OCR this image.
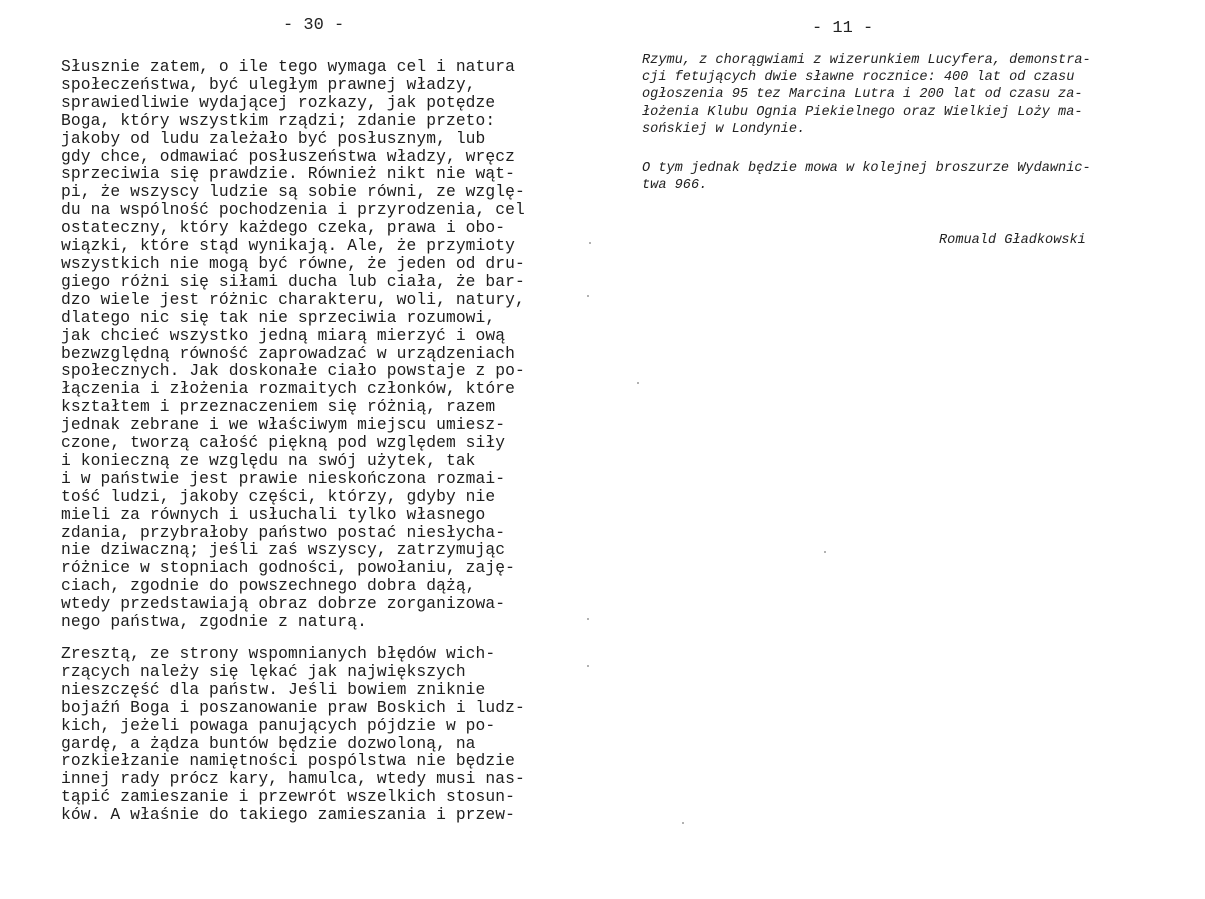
- 30 -
Słusznie zatem, o ile tego wymaga cel i natura
społeczeństwa, być uległym prawnej władzy,
sprawiedliwie wydającej rozkazy, jak potędze
Boga, który wszystkim rządzi; zdanie przeto:
jakoby od ludu zależało być posłusznym, lub
gdy chce, odmawiać posłuszeństwa władzy, wręcz
sprzeciwia się prawdzie. Również nikt nie wąt-
pi, że wszyscy ludzie są sobie równi, ze wzglę-
du na wspólność pochodzenia i przyrodzenia, cel
ostateczny, który każdego czeka, prawa i obo-
wiązki, które stąd wynikają. Ale, że przymioty
wszystkich nie mogą być równe, że jeden od dru-
giego różni się siłami ducha lub ciała, że bar-
dzo wiele jest różnic charakteru, woli, natury,
dlatego nic się tak nie sprzeciwia rozumowi,
jak chcieć wszystko jedną miarą mierzyć i ową
bezwzględną równość zaprowadzać w urządzeniach
społecznych. Jak doskonałe ciało powstaje z po-
łączenia i złożenia rozmaitych członków, które
kształtem i przeznaczeniem się różnią, razem
jednak zebrane i we właściwym miejscu umiesz-
czone, tworzą całość piękną pod względem siły
i konieczną ze względu na swój użytek, tak
i w państwie jest prawie nieskończona rozmai-
tość ludzi, jakoby części, którzy, gdyby nie
mieli za równych i usłuchali tylko własnego
zdania, przybrałoby państwo postać niesłycha-
nie dziwaczną; jeśli zaś wszyscy, zatrzymując
różnice w stopniach godności, powołaniu, zaję-
ciach, zgodnie do powszechnego dobra dążą,
wtedy przedstawiają obraz dobrze zorganizowa-
nego państwa, zgodnie z naturą.
Zresztą, ze strony wspomnianych błędów wich-
rzących należy się lękać jak największych
nieszczęść dla państw. Jeśli bowiem zniknie
bojaźń Boga i poszanowanie praw Boskich i ludz-
kich, jeżeli powaga panujących pójdzie w po-
gardę, a żądza buntów będzie dozwoloną, na
rozkiełzanie namiętności pospólstwa nie będzie
innej rady prócz kary, hamulca, wtedy musi nas-
tąpić zamieszanie i przewrót wszelkich stosun-
ków. A właśnie do takiego zamieszania i przew-
- 11 -
Rzymu, z chorągwiami z wizerunkiem Lucyfera, demonstra-
cji fetujących dwie sławne rocznice: 400 lat od czasu
ogłoszenia 95 tez Marcina Lutra i 200 lat od czasu za-
łożenia Klubu Ognia Piekielnego oraz Wielkiej Loży ma-
sońskiej w Londynie.
O tym jednak będzie mowa w kolejnej broszurze Wydawnic-
twa 966.
Romuald Gładkowski
